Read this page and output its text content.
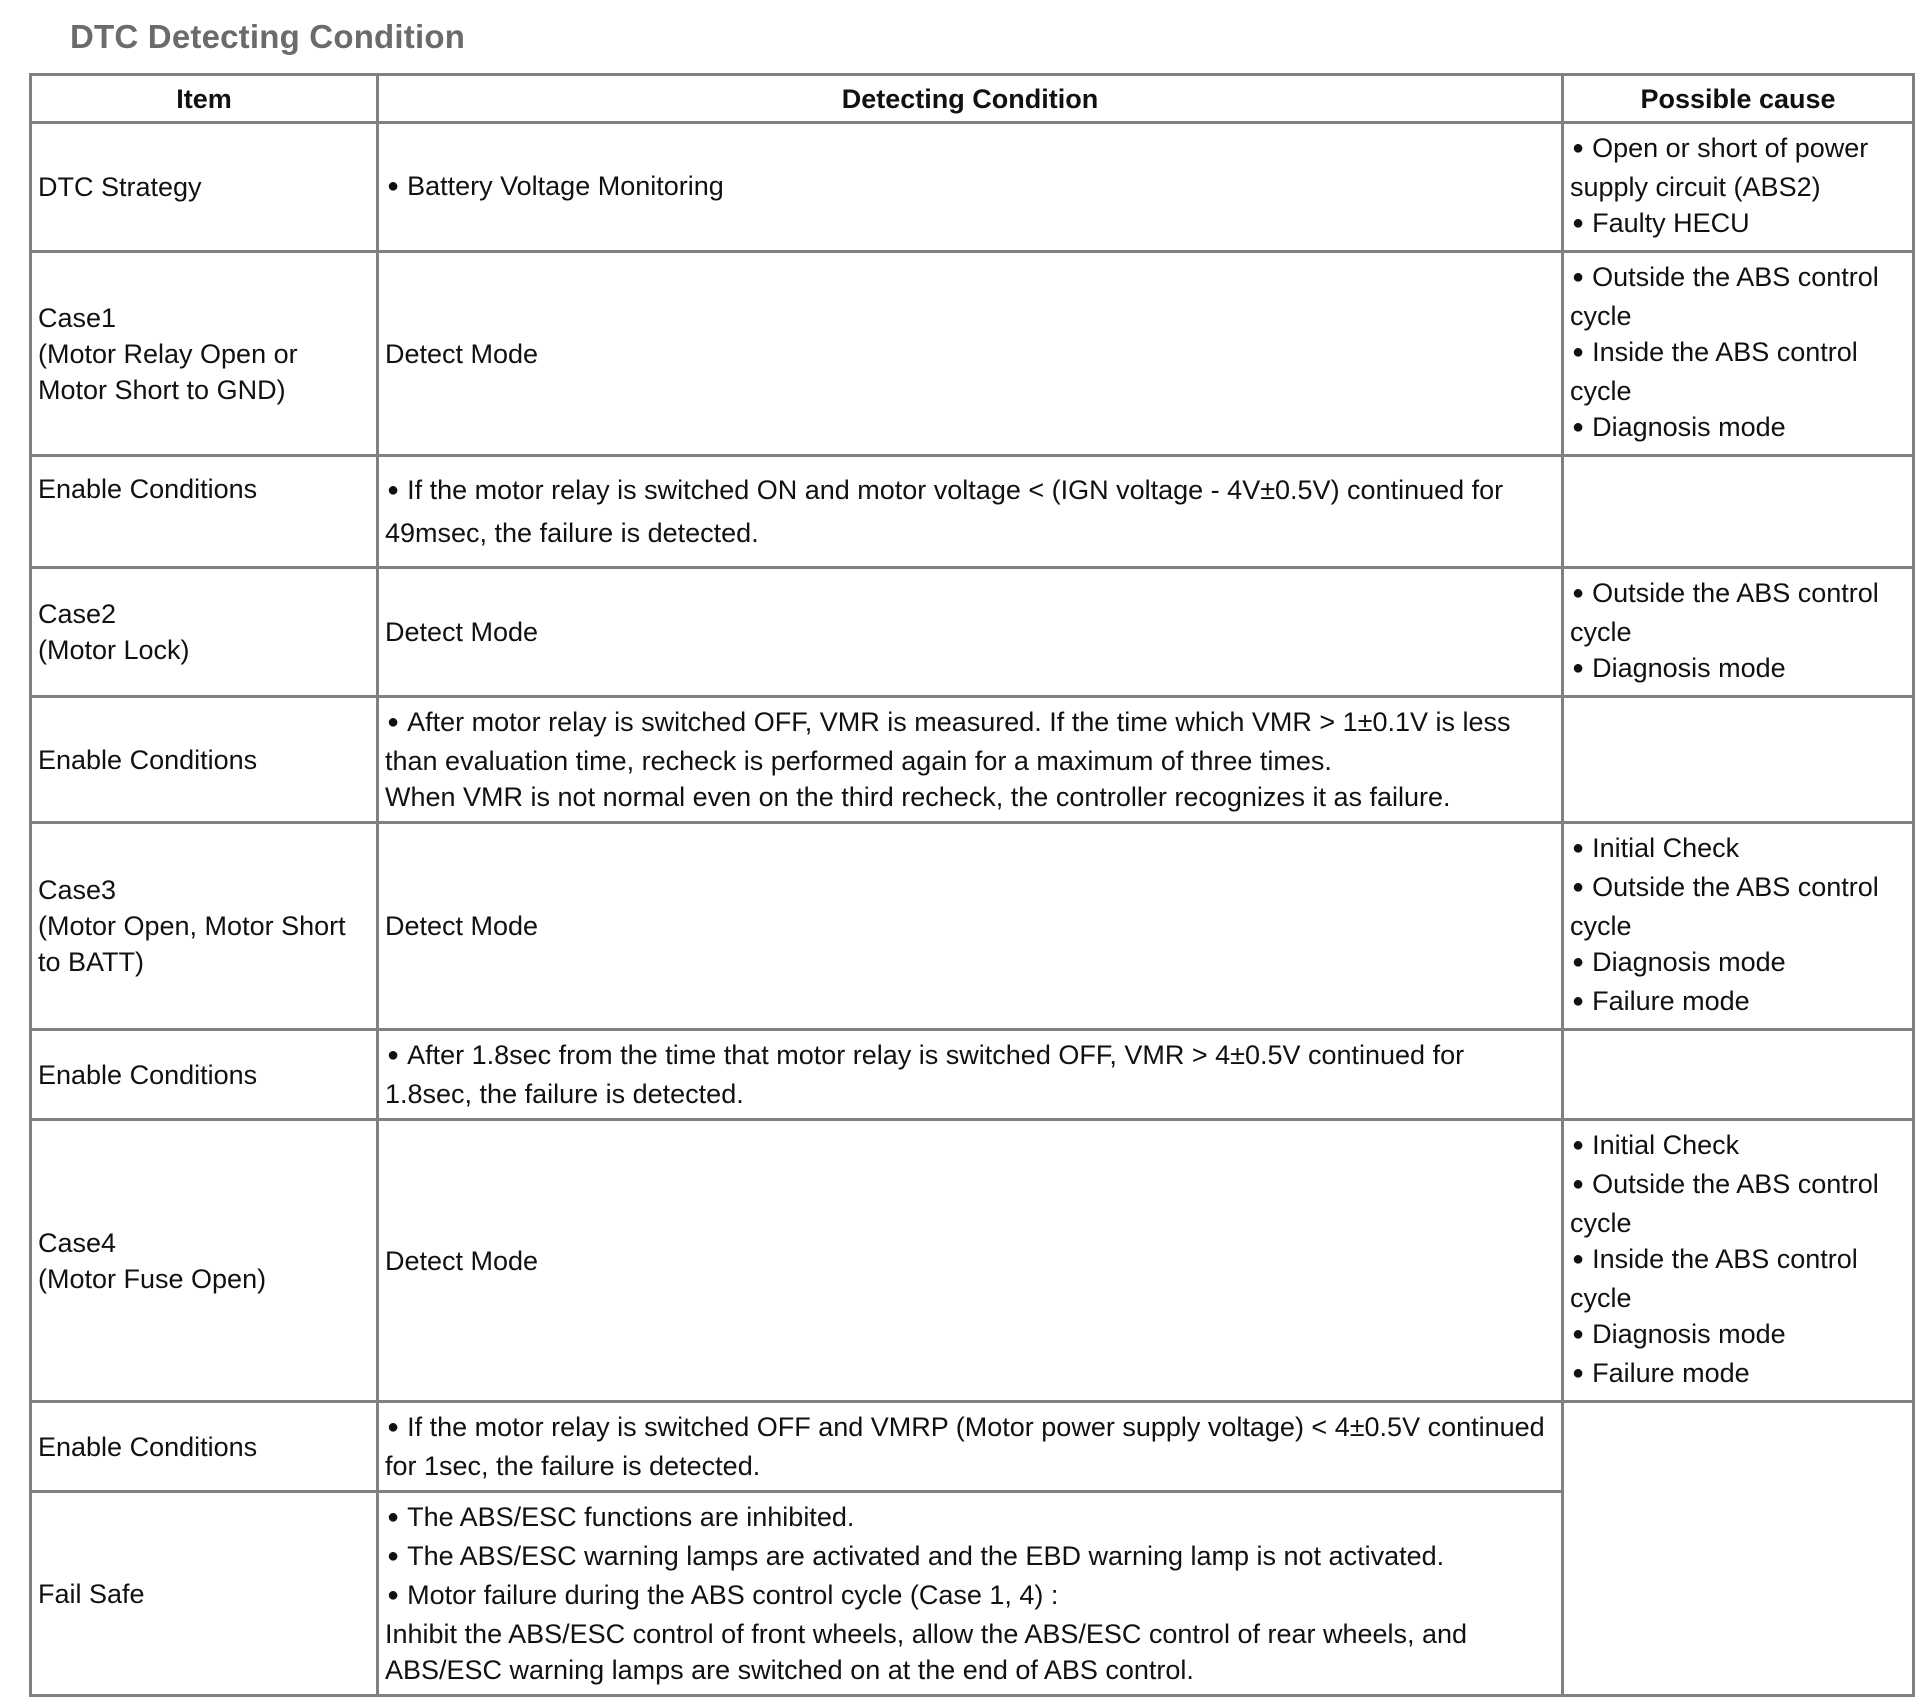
DTC Detecting Condition
Item	Detecting Condition	Possible cause

DTC Strategy	● Battery Voltage Monitoring	● Open or short of power supply circuit (ABS2)
● Faulty HECU

Case1
(Motor Relay Open or
Motor Short to GND)	Detect Mode	● Outside the ABS control cycle
● Inside the ABS control cycle
● Diagnosis mode

Enable Conditions	● If the motor relay is switched ON and motor voltage < (IGN voltage - 4V±0.5V) continued for 49msec, the failure is detected.

Case2
(Motor Lock)	Detect Mode	● Outside the ABS control cycle
● Diagnosis mode

Enable Conditions	● After motor relay is switched OFF, VMR is measured. If the time which VMR > 1±0.1V is less than evaluation time, recheck is performed again for a maximum of three times.
When VMR is not normal even on the third recheck, the controller recognizes it as failure.

Case3
(Motor Open, Motor Short
to BATT)	Detect Mode	● Initial Check
● Outside the ABS control cycle
● Diagnosis mode
● Failure mode

Enable Conditions	● After 1.8sec from the time that motor relay is switched OFF, VMR > 4±0.5V continued for 1.8sec, the failure is detected.

Case4
(Motor Fuse Open)	Detect Mode	● Initial Check
● Outside the ABS control cycle
● Inside the ABS control cycle
● Diagnosis mode
● Failure mode

Enable Conditions	● If the motor relay is switched OFF and VMRP (Motor power supply voltage) < 4±0.5V continued for 1sec, the failure is detected.

Fail Safe	● The ABS/ESC functions are inhibited.
● The ABS/ESC warning lamps are activated and the EBD warning lamp is not activated.
● Motor failure during the ABS control cycle (Case 1, 4) :
Inhibit the ABS/ESC control of front wheels, allow the ABS/ESC control of rear wheels, and ABS/ESC warning lamps are switched on at the end of ABS control.
